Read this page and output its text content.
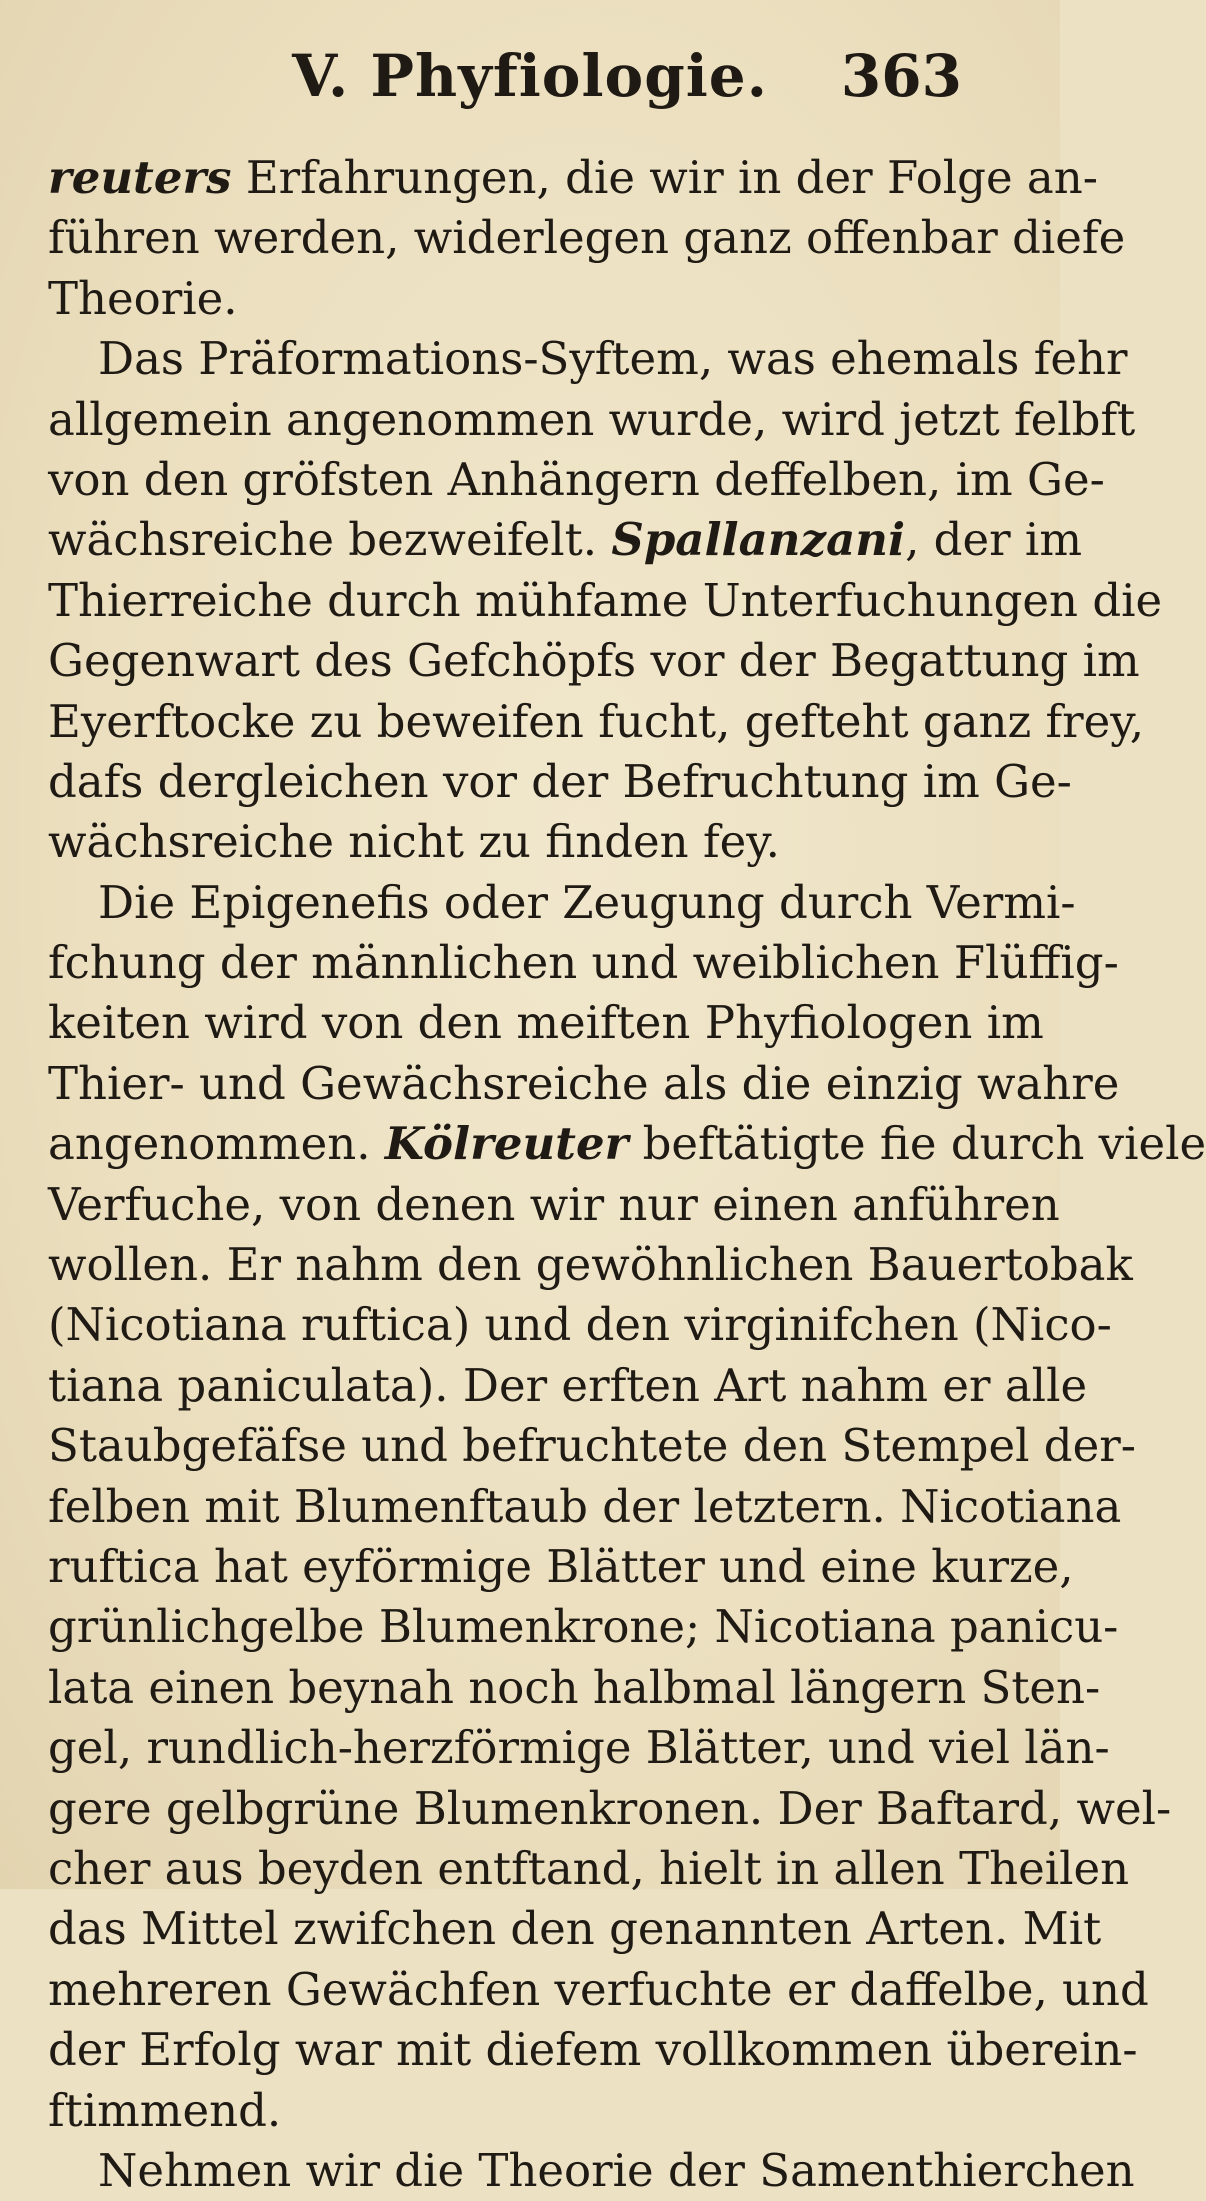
V. Phyfiologie.	363
reuters Erfahrungen, die wir in der Folge an-
führen werden, widerlegen ganz offenbar diefe
Theorie.
Das Präformations-Syftem, was ehemals fehr
allgemein angenommen wurde, wird jetzt felbft
von den gröfsten Anhängern deffelben, im Ge-
wächsreiche bezweifelt. Spallanzani, der im
Thierreiche durch mühfame Unterfuchungen die
Gegenwart des Gefchöpfs vor der Begattung im
Eyerftocke zu beweifen fucht, gefteht ganz frey,
dafs dergleichen vor der Befruchtung im Ge-
wächsreiche nicht zu finden fey.
Die Epigenefis oder Zeugung durch Vermi-
fchung der männlichen und weiblichen Flüffig-
keiten wird von den meiften Phyfiologen im
Thier- und Gewächsreiche als die einzig wahre
angenommen. Kölreuter beftätigte fie durch viele
Verfuche, von denen wir nur einen anführen
wollen. Er nahm den gewöhnlichen Bauertobak
(Nicotiana ruftica) und den virginifchen (Nico-
tiana paniculata). Der erften Art nahm er alle
Staubgefäfse und befruchtete den Stempel der-
felben mit Blumenftaub der letztern. Nicotiana
ruftica hat eyförmige Blätter und eine kurze,
grünlichgelbe Blumenkrone; Nicotiana panicu-
lata einen beynah noch halbmal längern Sten-
gel, rundlich-herzförmige Blätter, und viel län-
gere gelbgrüne Blumenkronen. Der Baftard, wel-
cher aus beyden entftand, hielt in allen Theilen
das Mittel zwifchen den genannten Arten. Mit
mehreren Gewächfen verfuchte er daffelbe, und
der Erfolg war mit diefem vollkommen überein-
ftimmend.
Nehmen wir die Theorie der Samenthierchen
